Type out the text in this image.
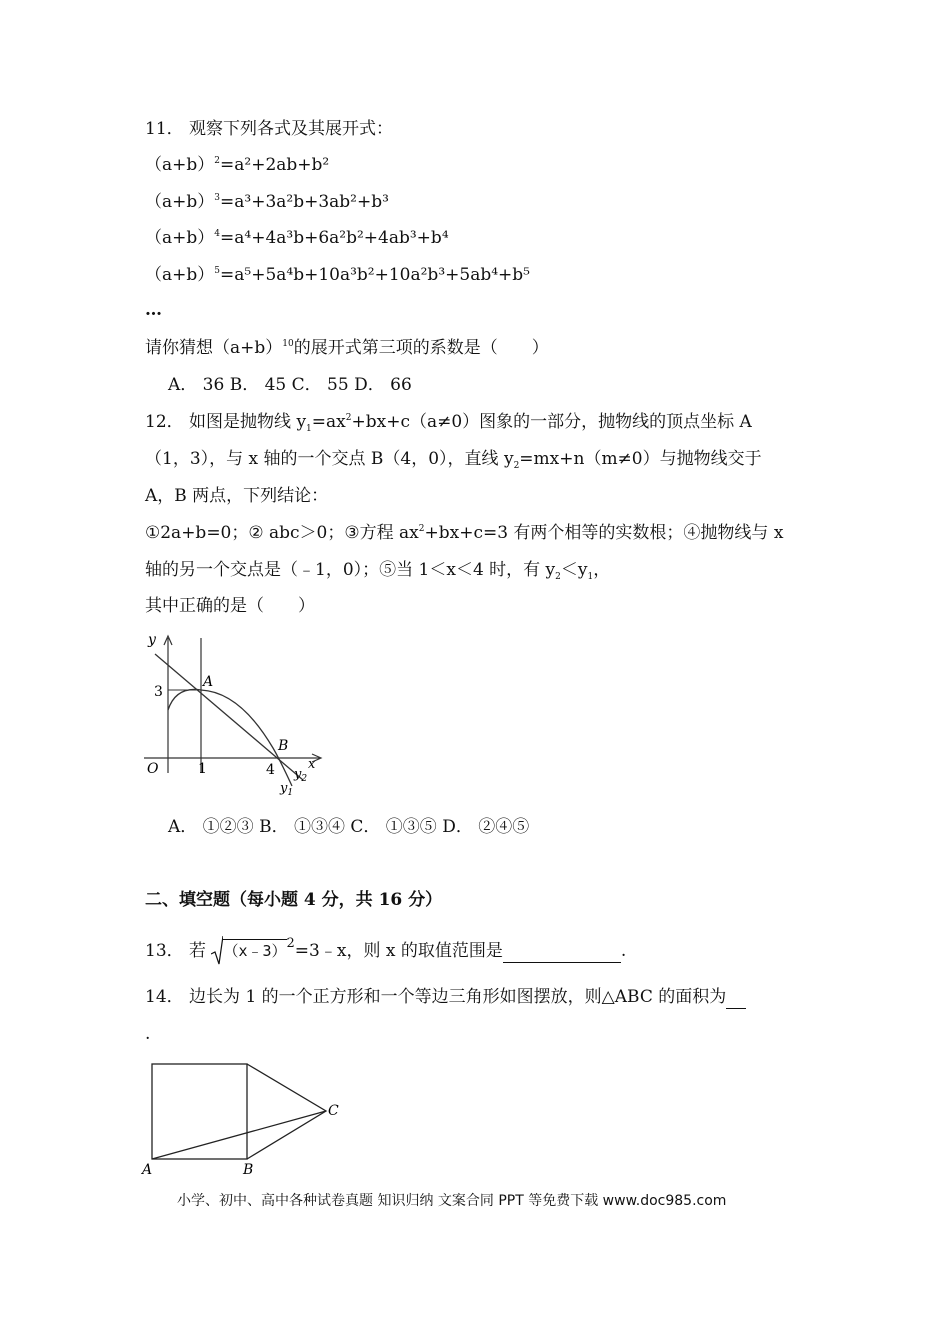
11． 观察下列各式及其展开式：
$(a+b)^2=a^2+2ab+b^2$
$(a+b)^3=a^3+3a^2b+3ab^2+b^3$
$(a+b)^4=a^4+4a^3b+6a^2b^2+4ab^3+b^4$
$(a+b)^5=a^5+5a^4b+10a^3b^2+10a^2b^3+5ab^4+b^5$
…
请你猜想$(a+b)^{10}$的展开式第三项的系数是（　　）
A． 36 B． 45 C． 55 D． 66
12． 如图是抛物线 $y_1=ax^2+bx+c(a\ne 0)$图象的一部分，抛物线的顶点坐标 A
（1，3），与 x 轴的一个交点 B（4，0），直线 $y_2=mx+n(m\ne 0)$与抛物线交于
A，B 两点，下列结论：
①2a+b=0；② abc＞0；③方程 $ax^2+bx+c=3$ 有两个相等的实数根；④抛物线与 x
轴的另一个交点是（﹣1，0）；⑤当 1＜x＜4 时，有 $y_2<y_1$，
其中正确的是（　　）
y
x
O
3
1	4
A
B
$y_2$
$y_1$
A． ①②③ B． ①③④ C． ①③⑤ D． ②④⑤
二、填空题（每小题 4 分，共 16 分）
13． 若 （x﹣3）$^2$=3﹣x，则 x 的取值范围是	.
14． 边长为 1 的一个正方形和一个等边三角形如图摆放，则△ABC 的面积为
.
A	B
C
小学、初中、高中各种试卷真题 知识归纳 文案合同 PPT 等免费下载 www.doc985.com
